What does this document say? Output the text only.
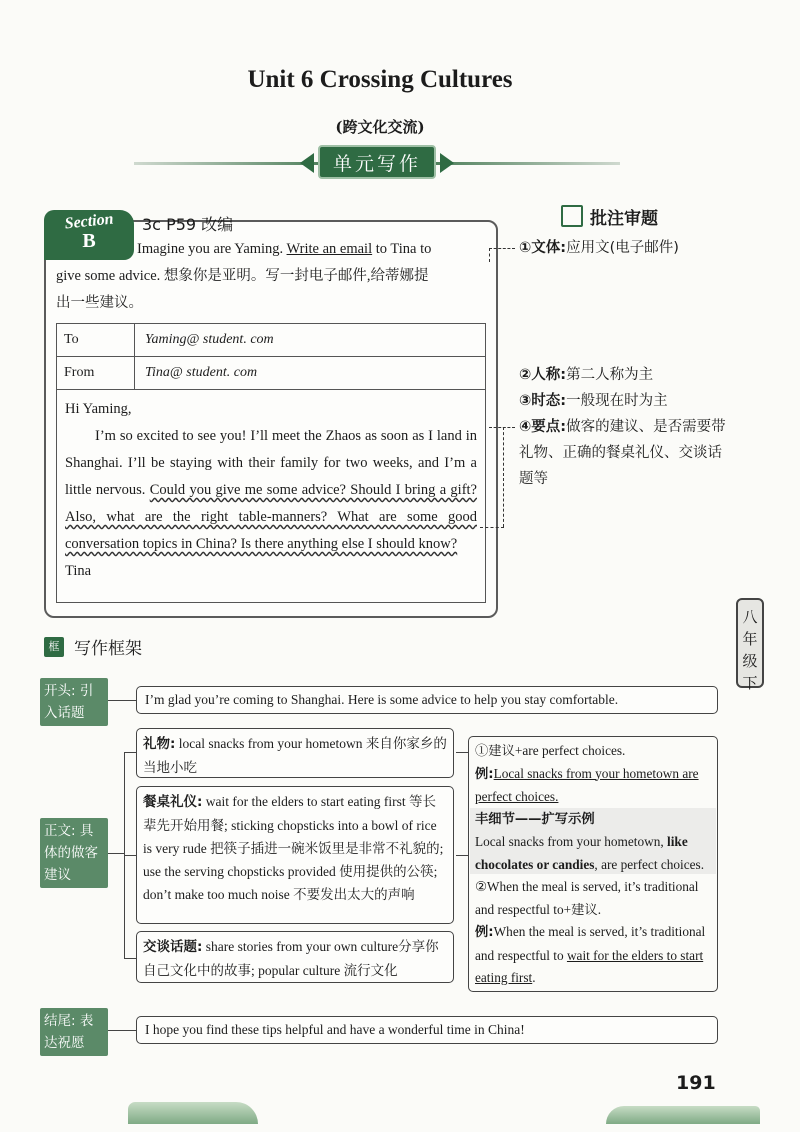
Unit 6 Crossing Cultures
(跨文化交流)
单元写作
Section
B
3c P59 改编
Imagine you are Yaming. Write an email to Tina to
give some advice. 想象你是亚明。写一封电子邮件,给蒂娜提
出一些建议。
To	Yaming@ student. com
From	Tina@ student. com
Hi Yaming,
I’m so excited to see you! I’ll meet the Zhaos as soon as I land in Shanghai. I’ll be staying with their family for two weeks, and I’m a little nervous. Could you give me some advice? Should I bring a gift? Also, what are the right table-manners? What are some good conversation topics in China? Is there anything else I should know?
Tina
批注审题
①文体:应用文(电子邮件)
②人称:第二人称为主
③时态:一般现在时为主
④要点:做客的建议、是否需要带礼物、正确的餐桌礼仪、交谈话题等
八年级下
框 写作框架
开头: 引入话题
正文: 具体的做客建议
结尾: 表达祝愿
I’m glad you’re coming to Shanghai. Here is some advice to help you stay comfortable.
礼物: local snacks from your hometown 来自你家乡的当地小吃
餐桌礼仪: wait for the elders to start eating first 等长辈先开始用餐; sticking chopsticks into a bowl of rice is very rude 把筷子插进一碗米饭里是非常不礼貌的; use the serving chopsticks provided 使用提供的公筷; don’t make too much noise 不要发出太大的声响
交谈话题: share stories from your own culture分享你自己文化中的故事; popular culture 流行文化
①建议+are perfect choices.
例:Local snacks from your hometown are perfect choices.
丰细节——扩写示例
Local snacks from your hometown, like chocolates or candies, are perfect choices.
②When the meal is served, it’s traditional and respectful to+建议.
例:When the meal is served, it’s traditional and respectful to wait for the elders to start eating first.
I hope you find these tips helpful and have a wonderful time in China!
191
